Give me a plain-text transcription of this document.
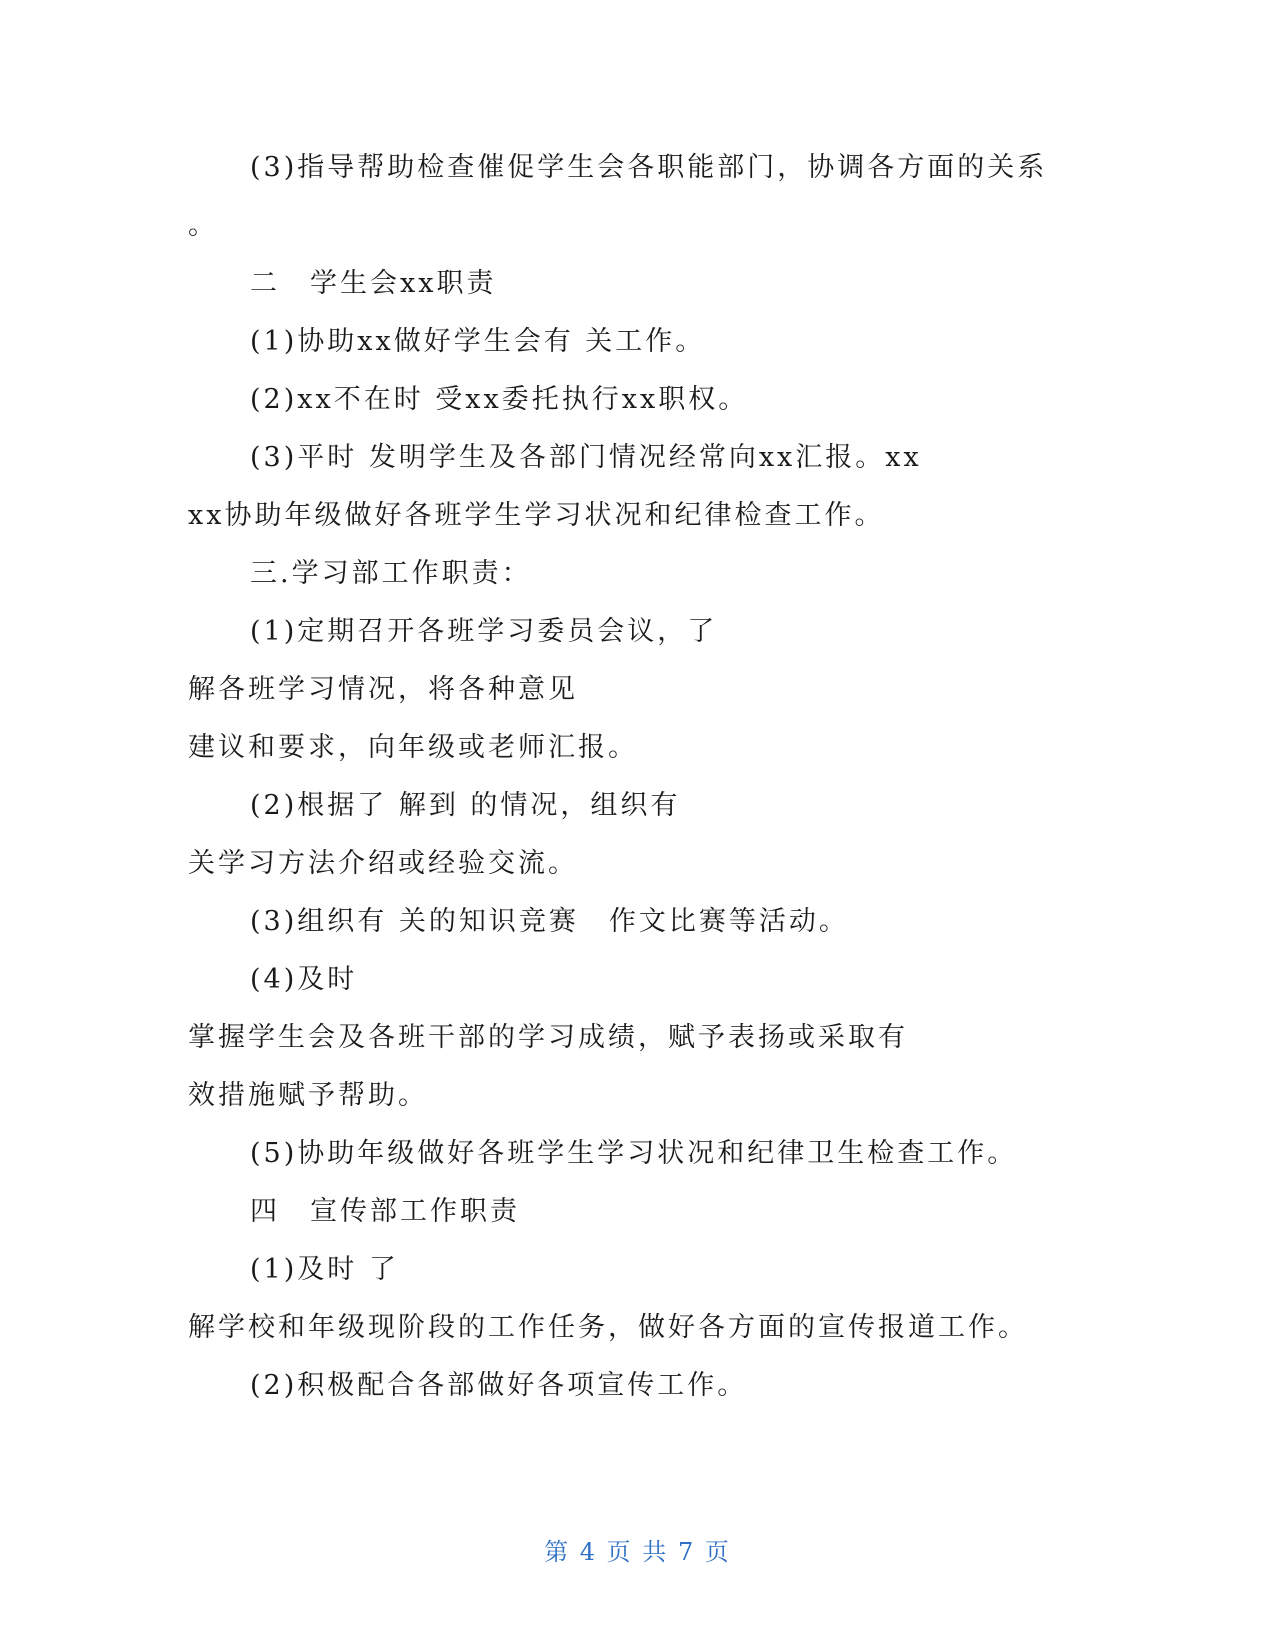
(3)指导帮助检查催促学生会各职能部门，协调各方面的关系
。
二　学生会xx职责
(1)协助xx做好学生会有 关工作。
(2)xx不在时 受xx委托执行xx职权。
(3)平时 发明学生及各部门情况经常向xx汇报。xx
xx协助年级做好各班学生学习状况和纪律检查工作。
三.学习部工作职责：
(1)定期召开各班学习委员会议，了
解各班学习情况，将各种意见
建议和要求，向年级或老师汇报。
(2)根据了 解到 的情况，组织有
关学习方法介绍或经验交流。
(3)组织有 关的知识竞赛　作文比赛等活动。
(4)及时
掌握学生会及各班干部的学习成绩，赋予表扬或采取有
效措施赋予帮助。
(5)协助年级做好各班学生学习状况和纪律卫生检查工作。
四　宣传部工作职责
(1)及时 了
解学校和年级现阶段的工作任务，做好各方面的宣传报道工作。
(2)积极配合各部做好各项宣传工作。
第 4 页 共 7 页
